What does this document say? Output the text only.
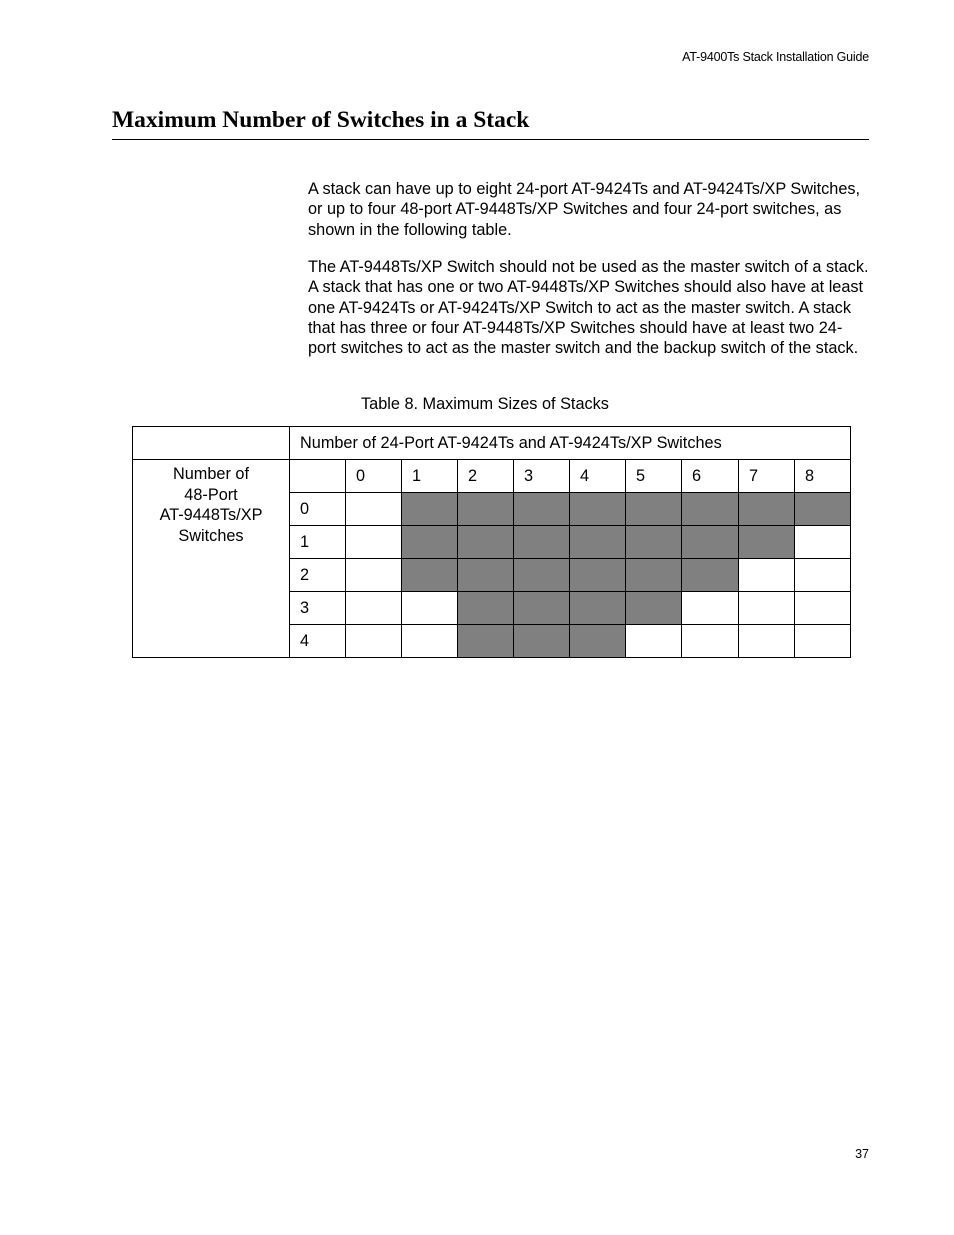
AT-9400Ts Stack Installation Guide
Maximum Number of Switches in a Stack

A stack can have up to eight 24-port AT-9424Ts and AT-9424Ts/XP Switches, or up to four 48-port AT-9448Ts/XP Switches and four 24-port switches, as shown in the following table.

The AT-9448Ts/XP Switch should not be used as the master switch of a stack. A stack that has one or two AT-9448Ts/XP Switches should also have at least one AT-9424Ts or AT-9424Ts/XP Switch to act as the master switch. A stack that has three or four AT-9448Ts/XP Switches should have at least two 24-port switches to act as the master switch and the backup switch of the stack.

Table 8. Maximum Sizes of Stacks

	Number of 24-Port AT-9424Ts and AT-9424Ts/XP Switches									

Number of
48-Port
AT-9448Ts/XP
Switches		0	1	2	3	4	5	6	7	8
	0									
	1									
	2									
	3									
	4									
37
